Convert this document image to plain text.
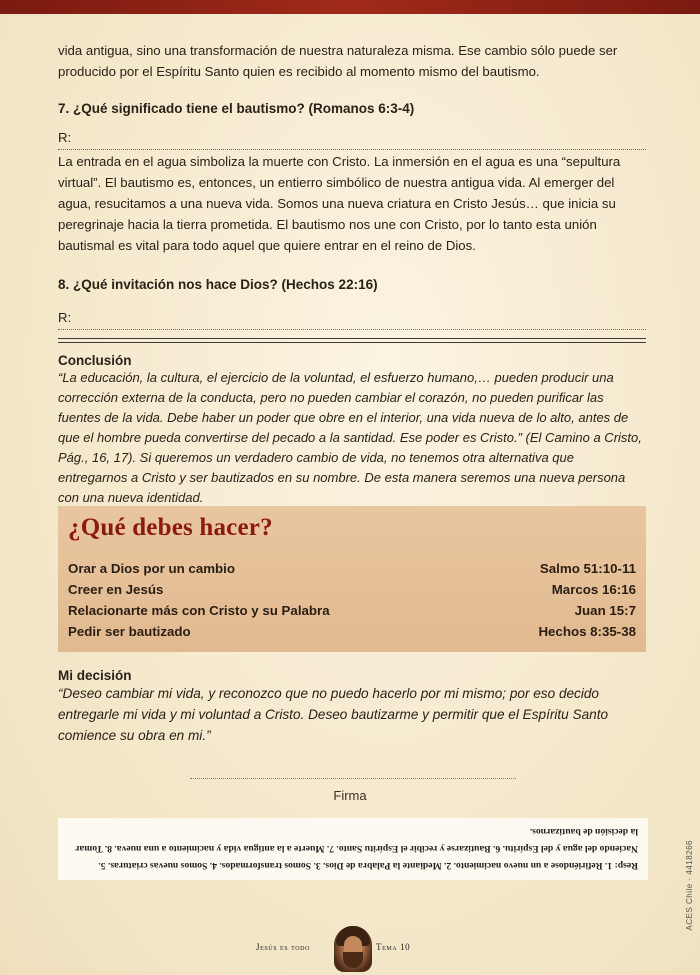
ACES Chile · 4418266

vida antigua, sino una transformación de nuestra naturaleza misma. Ese cambio sólo puede ser producido por el Espíritu Santo quien es recibido al momento mismo del bautismo.

7. ¿Qué significado tiene el bautismo? (Romanos 6:3-4)

R:

La entrada en el agua simboliza la muerte con Cristo. La inmersión en el agua es una “sepultura virtual”. El bautismo es, entonces, un entierro simbólico de nuestra antigua vida. Al emerger del agua, resucitamos a una nueva vida. Somos una nueva criatura en Cristo Jesús… que inicia su peregrinaje hacia la tierra prometida. El bautismo nos une con Cristo, por lo tanto esta unión bautismal es vital para todo aquel que quiere entrar en el reino de Dios.

8. ¿Qué invitación nos hace Dios? (Hechos 22:16)

R:

Conclusión

“La educación, la cultura, el ejercicio de la voluntad, el esfuerzo humano,… pueden producir una corrección externa de la conducta, pero no pueden cambiar el corazón, no pueden purificar las fuentes de la vida. Debe haber un poder que obre en el interior, una vida nueva de lo alto, antes de que el hombre pueda convertirse del pecado a la santidad. Ese poder es Cristo.” (El Camino a Cristo, Pág., 16, 17). Si queremos un verdadero cambio de vida, no tenemos otra alternativa que entregarnos a Cristo y ser bautizados en su nombre. De esta manera seremos una nueva persona con una nueva identidad.

¿Qué debes hacer?
Orar a Dios por un cambio	Salmo 51:10-11
Creer en Jesús	Marcos 16:16
Relacionarte más con Cristo y su Palabra	Juan 15:7
Pedir ser bautizado	Hechos 8:35-38

Mi decisión

“Deseo cambiar mi vida, y reconozco que no puedo hacerlo por mi mismo; por eso decido entregarle mi vida y mi voluntad a Cristo. Deseo bautizarme y permitir que el Espíritu Santo comience su obra en mi.”

Firma
Resp: 1. Refiriéndose a un nuevo nacimiento. 2. Mediante la Palabra de Dios. 3. Somos transformados. 4. Somos nuevas criaturas. 5. Naciendo del agua y del Espíritu. 6. Bautizarse y recibir el Espíritu Santo. 7. Muerte a la antigua vida y nacimiento a una nueva. 8. Tomar la decisión de bautizarnos.
Jesús es todo	Tema 10
